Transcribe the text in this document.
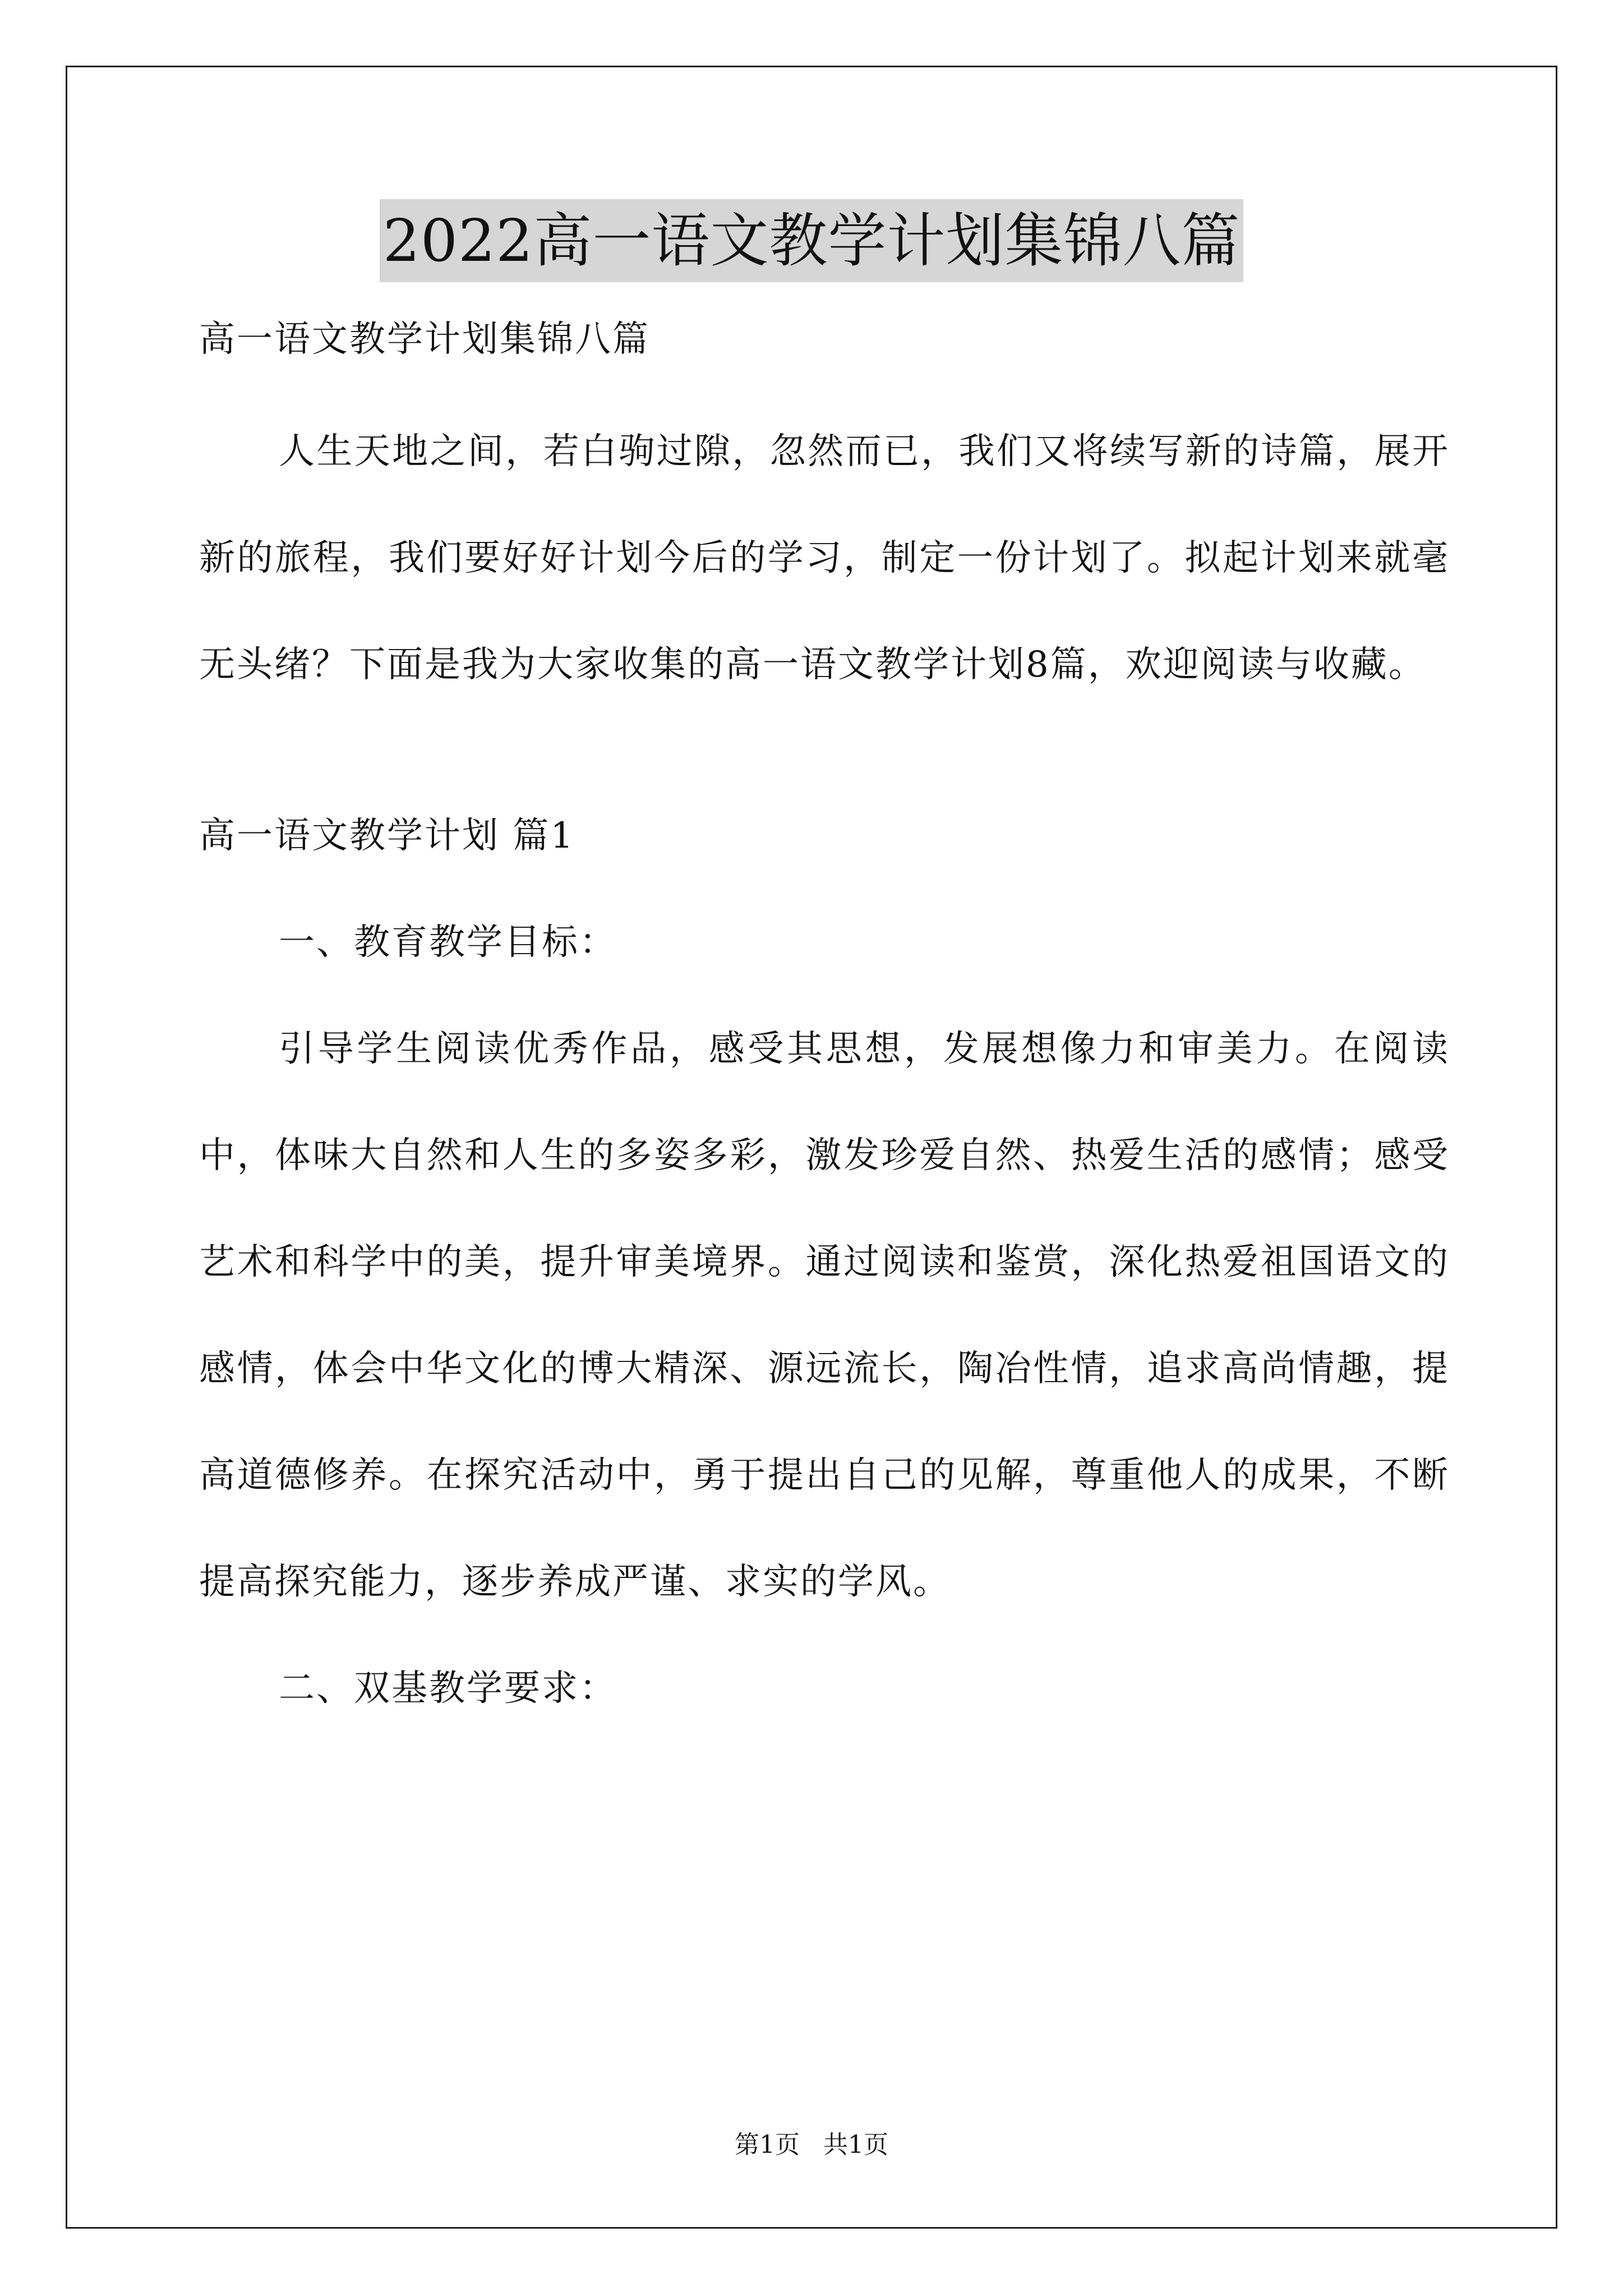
2022高一语文教学计划集锦八篇
高一语文教学计划集锦八篇

人生天地之间，若白驹过隙，忽然而已，我们又将续写新的诗篇，展开新的旅程，我们要好好计划今后的学习，制定一份计划了。拟起计划来就毫无头绪？下面是我为大家收集的高一语文教学计划8篇，欢迎阅读与收藏。

高一语文教学计划 篇1

一、教育教学目标：

引导学生阅读优秀作品，感受其思想，发展想像力和审美力。在阅读中，体味大自然和人生的多姿多彩，激发珍爱自然、热爱生活的感情；感受艺术和科学中的美，提升审美境界。通过阅读和鉴赏，深化热爱祖国语文的感情，体会中华文化的博大精深、源远流长，陶冶性情，追求高尚情趣，提高道德修养。在探究活动中，勇于提出自己的见解，尊重他人的成果，不断提高探究能力，逐步养成严谨、求实的学风。

二、双基教学要求：

第1页   共1页
